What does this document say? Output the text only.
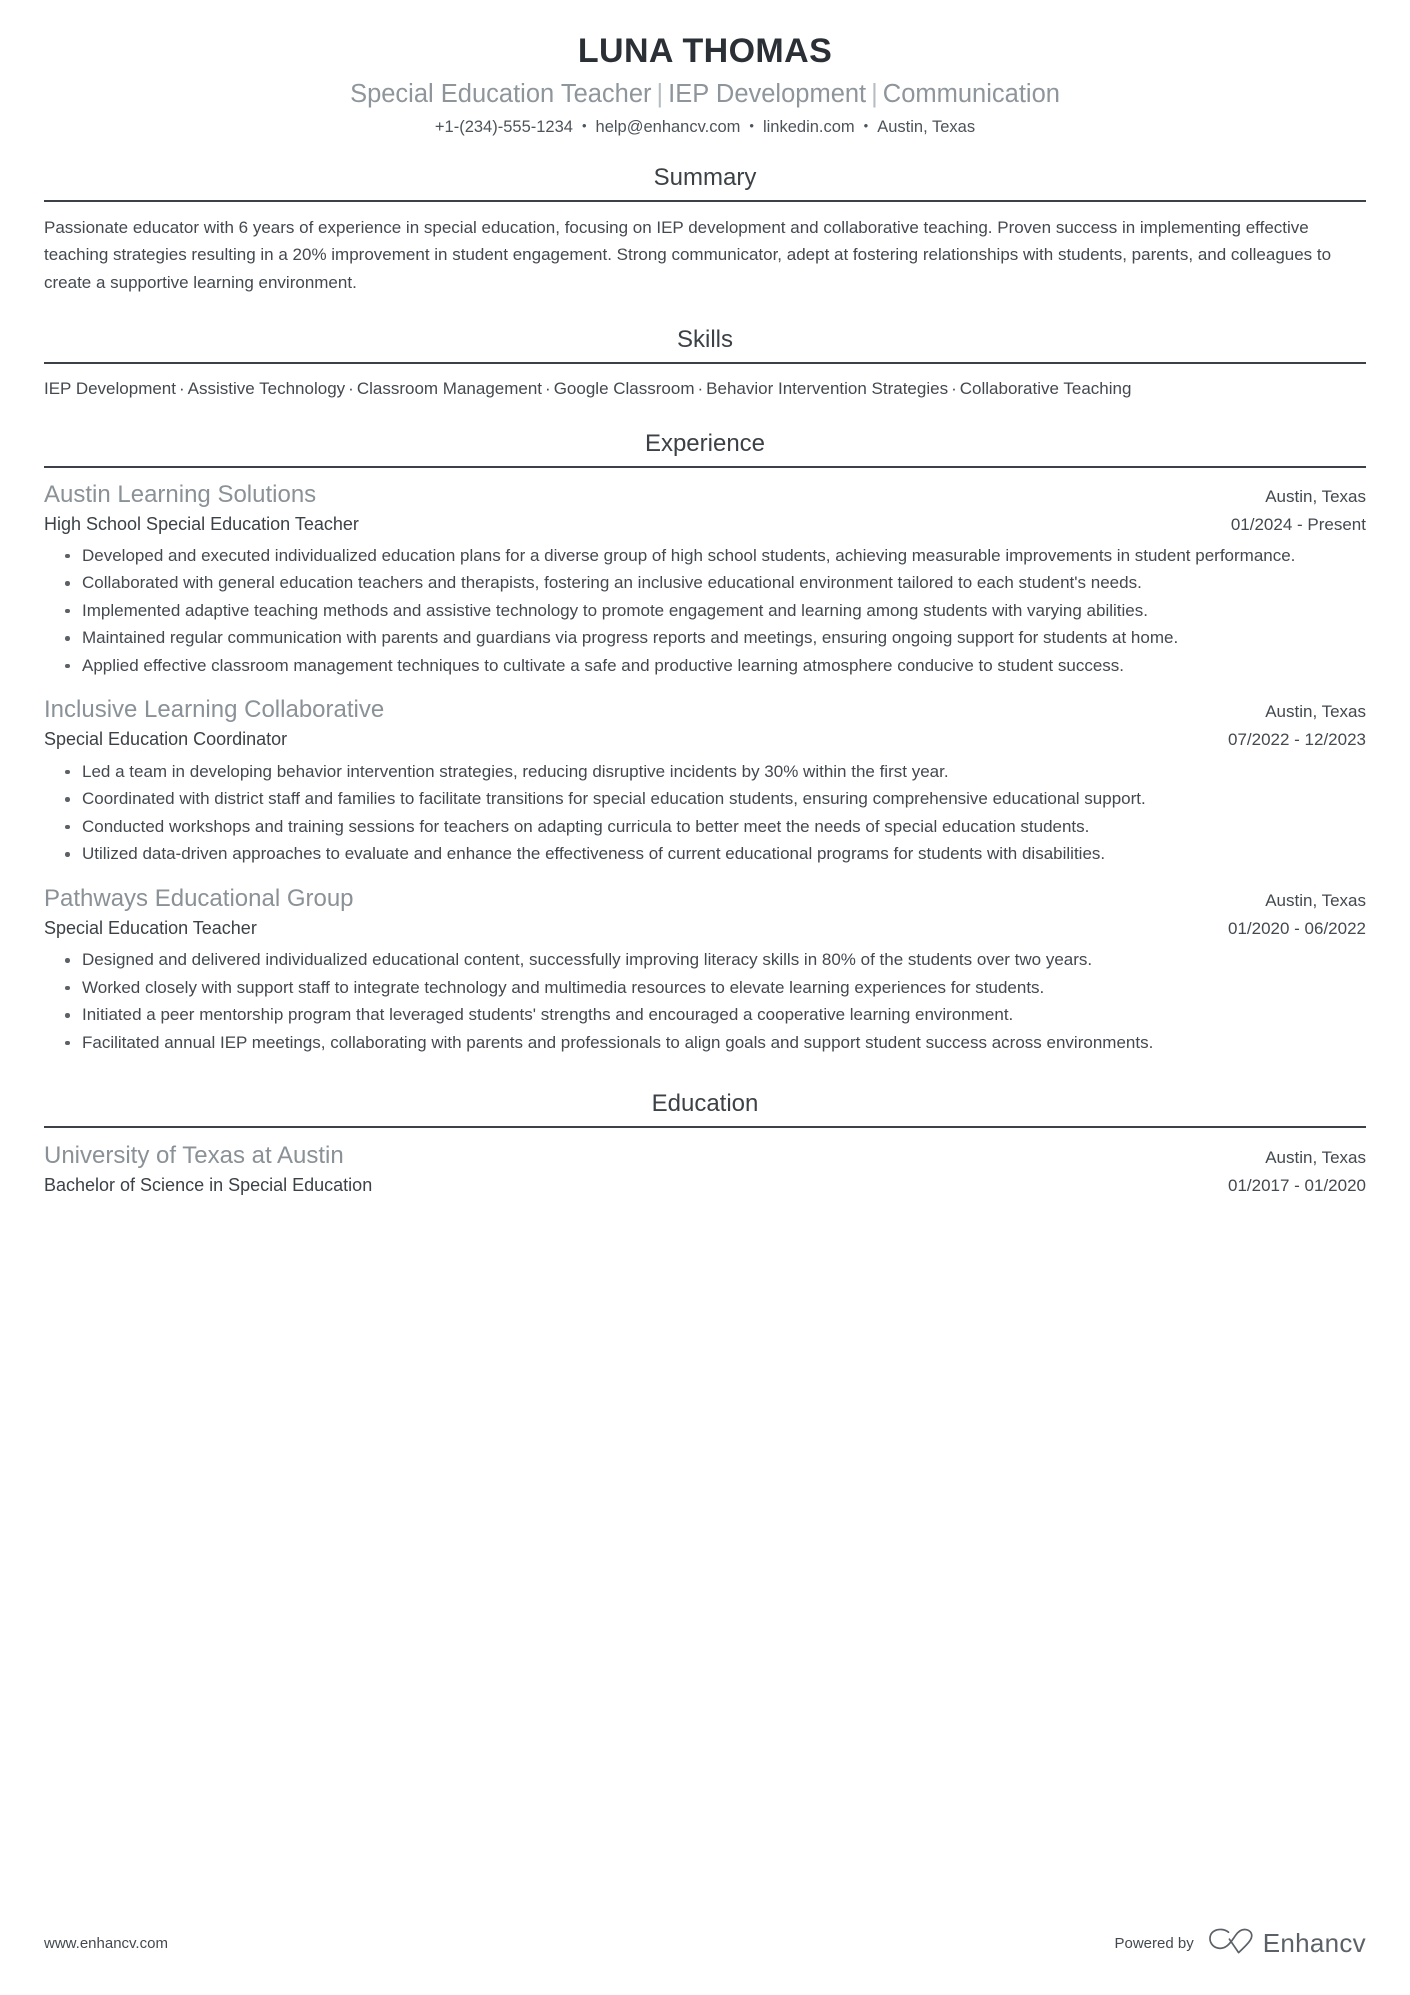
LUNA THOMAS
Special Education Teacher | IEP Development | Communication
+1-(234)-555-1234 • help@enhancv.com • linkedin.com • Austin, Texas
Summary
Passionate educator with 6 years of experience in special education, focusing on IEP development and collaborative teaching. Proven success in implementing effective teaching strategies resulting in a 20% improvement in student engagement. Strong communicator, adept at fostering relationships with students, parents, and colleagues to create a supportive learning environment.
Skills
IEP Development · Assistive Technology · Classroom Management · Google Classroom · Behavior Intervention Strategies · Collaborative Teaching
Experience
Austin Learning Solutions	Austin, Texas
High School Special Education Teacher	01/2024 - Present
Developed and executed individualized education plans for a diverse group of high school students, achieving measurable improvements in student performance.
Collaborated with general education teachers and therapists, fostering an inclusive educational environment tailored to each student's needs.
Implemented adaptive teaching methods and assistive technology to promote engagement and learning among students with varying abilities.
Maintained regular communication with parents and guardians via progress reports and meetings, ensuring ongoing support for students at home.
Applied effective classroom management techniques to cultivate a safe and productive learning atmosphere conducive to student success.
Inclusive Learning Collaborative	Austin, Texas
Special Education Coordinator	07/2022 - 12/2023
Led a team in developing behavior intervention strategies, reducing disruptive incidents by 30% within the first year.
Coordinated with district staff and families to facilitate transitions for special education students, ensuring comprehensive educational support.
Conducted workshops and training sessions for teachers on adapting curricula to better meet the needs of special education students.
Utilized data-driven approaches to evaluate and enhance the effectiveness of current educational programs for students with disabilities.
Pathways Educational Group	Austin, Texas
Special Education Teacher	01/2020 - 06/2022
Designed and delivered individualized educational content, successfully improving literacy skills in 80% of the students over two years.
Worked closely with support staff to integrate technology and multimedia resources to elevate learning experiences for students.
Initiated a peer mentorship program that leveraged students' strengths and encouraged a cooperative learning environment.
Facilitated annual IEP meetings, collaborating with parents and professionals to align goals and support student success across environments.
Education
University of Texas at Austin	Austin, Texas
Bachelor of Science in Special Education	01/2017 - 01/2020
www.enhancv.com	Powered by	Enhancv
